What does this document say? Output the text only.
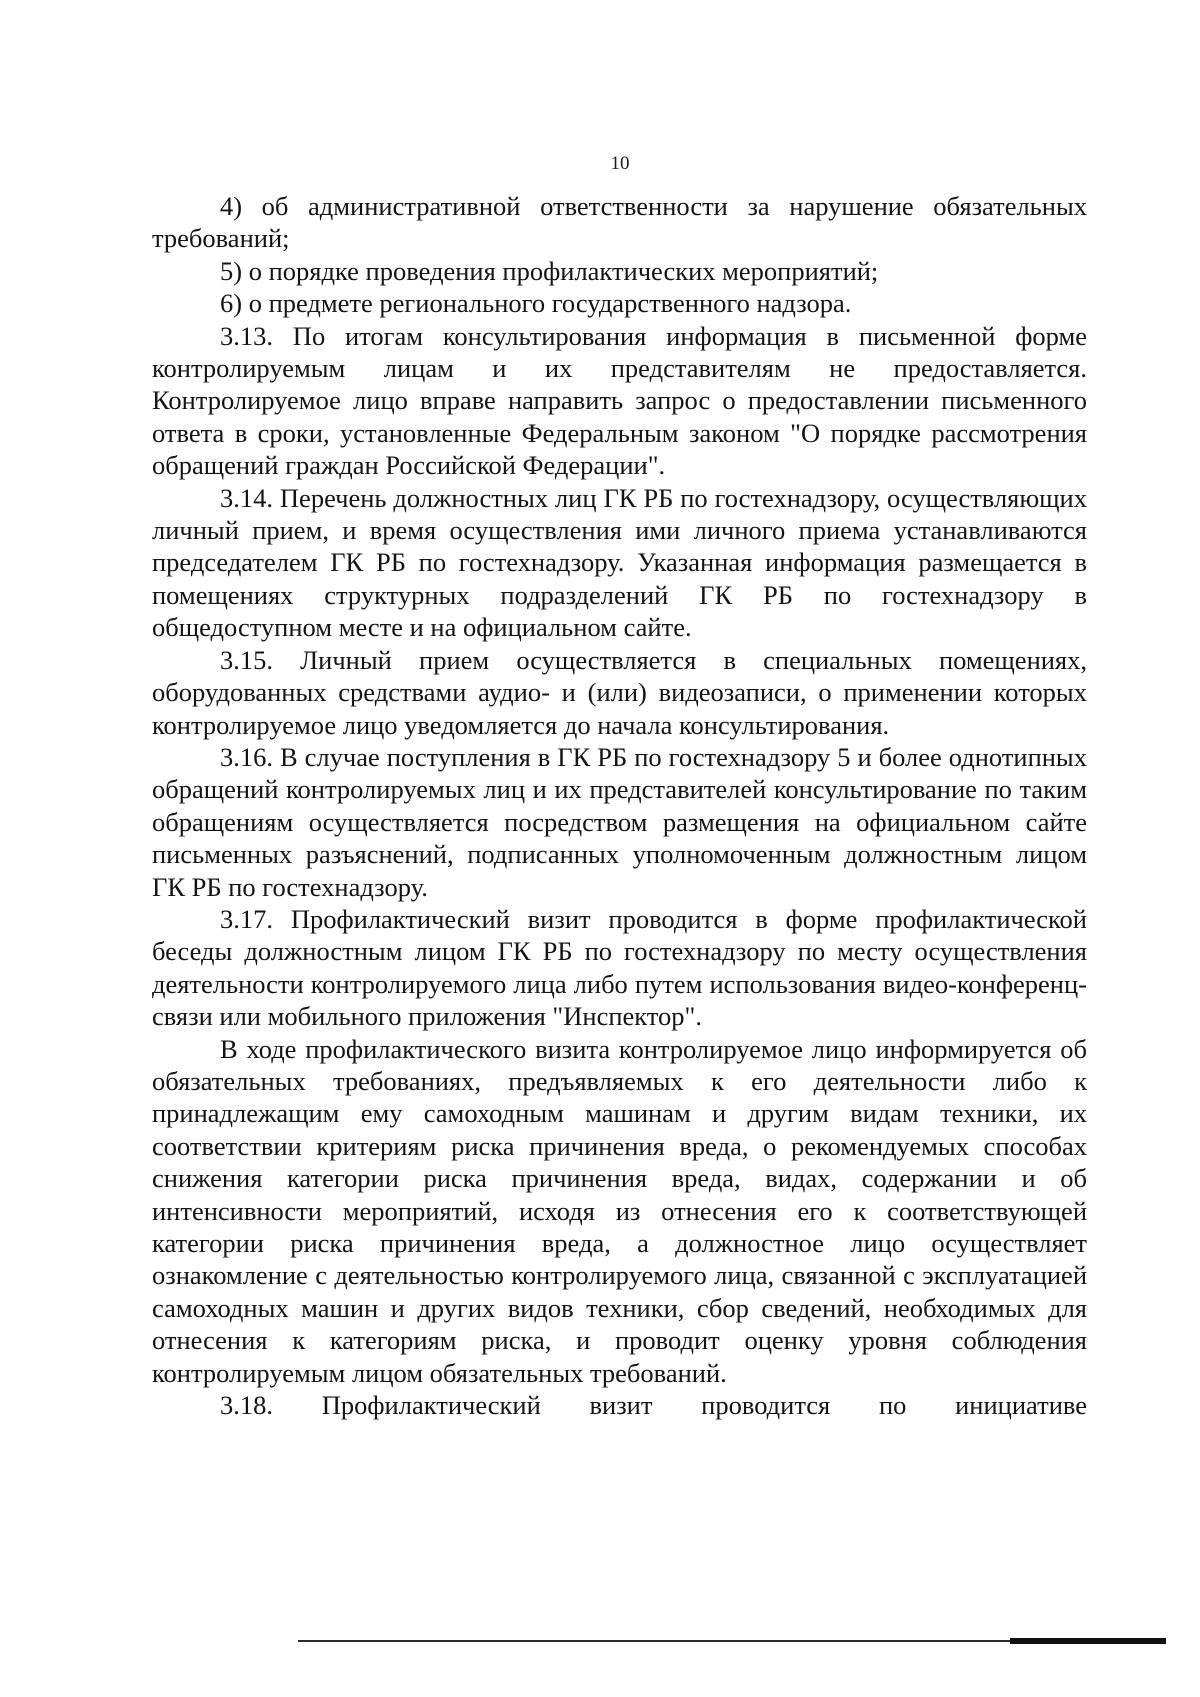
10

4) об административной ответственности за нарушение обязательных требований;

5) о порядке проведения профилактических мероприятий;

6) о предмете регионального государственного надзора.

3.13. По итогам консультирования информация в письменной форме контролируемым лицам и их представителям не предоставляется. Контролируемое лицо вправе направить запрос о предоставлении письменного ответа в сроки, установленные Федеральным законом "О порядке рассмотрения обращений граждан Российской Федерации".

3.14. Перечень должностных лиц ГК РБ по гостехнадзору, осуществляющих личный прием, и время осуществления ими личного приема устанавливаются председателем ГК РБ по гостехнадзору. Указанная информация размещается в помещениях структурных подразделений ГК РБ по гостехнадзору в общедоступном месте и на официальном сайте.

3.15. Личный прием осуществляется в специальных помещениях, оборудованных средствами аудио- и (или) видеозаписи, о применении которых контролируемое лицо уведомляется до начала консультирования.

3.16. В случае поступления в ГК РБ по гостехнадзору 5 и более однотипных обращений контролируемых лиц и их представителей консультирование по таким обращениям осуществляется посредством размещения на официальном сайте письменных разъяснений, подписанных уполномоченным должностным лицом ГК РБ по гостехнадзору.

3.17. Профилактический визит проводится в форме профилактической беседы должностным лицом ГК РБ по гостехнадзору по месту осуществления деятельности контролируемого лица либо путем использования видео-конференц-связи или мобильного приложения "Инспектор".

В ходе профилактического визита контролируемое лицо информируется об обязательных требованиях, предъявляемых к его деятельности либо к принадлежащим ему самоходным машинам и другим видам техники, их соответствии критериям риска причинения вреда, о рекомендуемых способах снижения категории риска причинения вреда, видах, содержании и об интенсивности мероприятий, исходя из отнесения его к соответствующей категории риска причинения вреда, а должностное лицо осуществляет ознакомление с деятельностью контролируемого лица, связанной с эксплуатацией самоходных машин и других видов техники, сбор сведений, необходимых для отнесения к категориям риска, и проводит оценку уровня соблюдения контролируемым лицом обязательных требований.

3.18. Профилактический визит проводится по инициативе
